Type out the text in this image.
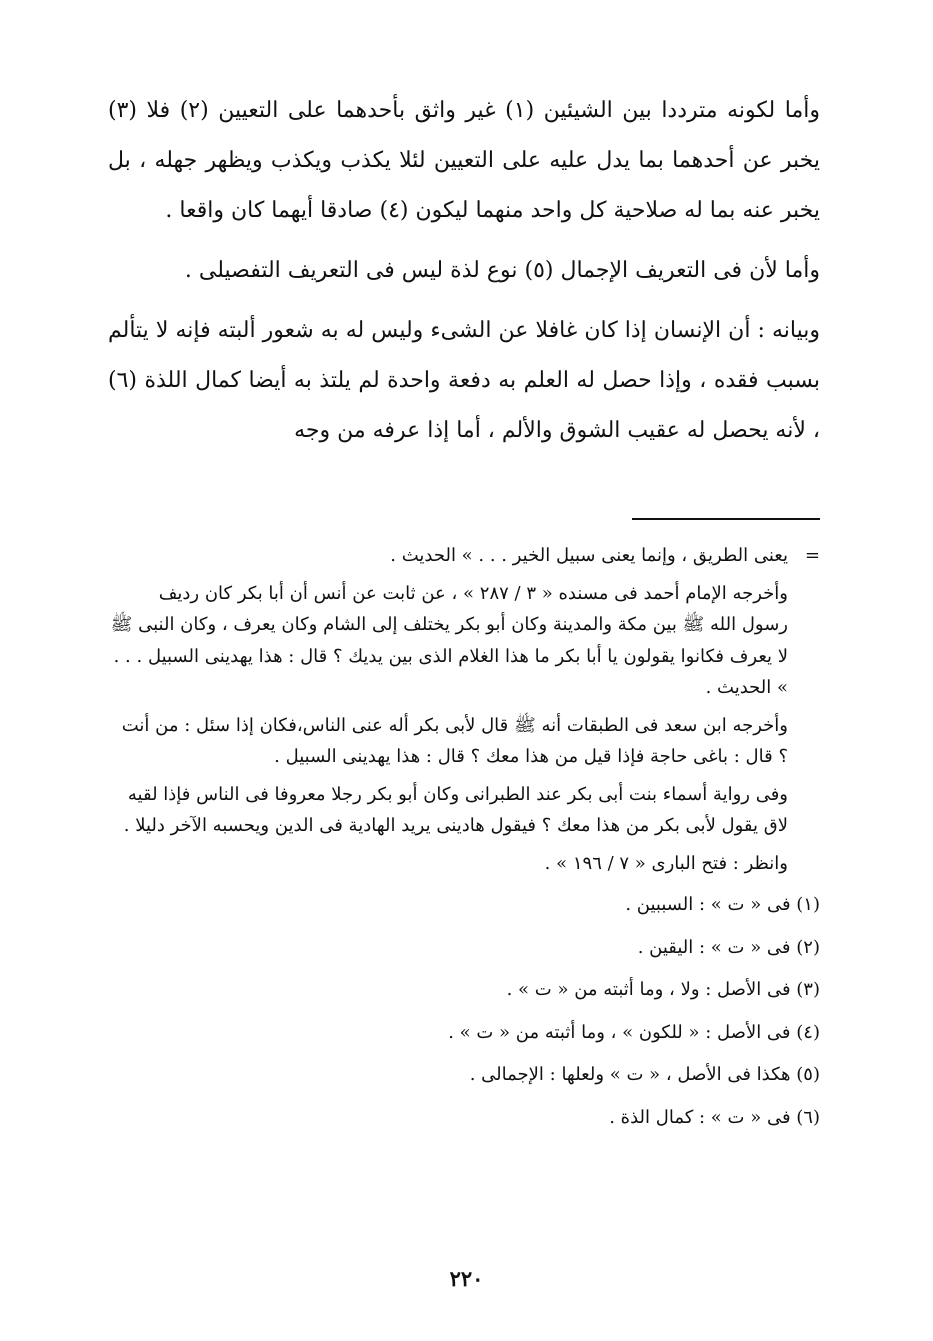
وأما لكونه مترددا بين الشيئين (١) غير واثق بأحدهما على التعيين (٢) فلا (٣) يخبر عن أحدهما بما يدل عليه على التعيين لئلا يكذب ويكذب ويظهر جهله ، بل يخبر عنه بما له صلاحية كل واحد منهما ليكون (٤) صادقا أيهما كان واقعا .

وأما لأن فى التعريف الإجمال (٥) نوع لذة ليس فى التعريف التفصيلى .

وبيانه : أن الإنسان إذا كان غافلا عن الشىء وليس له به شعور ألبته فإنه لا يتألم بسبب فقده ، وإذا حصل له العلم به دفعة واحدة لم يلتذ به أيضا كمال اللذة (٦) ، لأنه يحصل له عقيب الشوق والألم ، أما إذا عرفه من وجه

=
يعنى الطريق ، وإنما يعنى سبيل الخير . . . » الحديث .

وأخرجه الإمام أحمد فى مسنده « ٣ / ٢٨٧ » ، عن ثابت عن أنس أن أبا بكر كان رديف رسول الله ﷺ بين مكة والمدينة وكان أبو بكر يختلف إلى الشام وكان يعرف ، وكان النبى ﷺ لا يعرف فكانوا يقولون يا أبا بكر ما هذا الغلام الذى بين يديك ؟ قال : هذا يهدينى السبيل . . . » الحديث .

وأخرجه ابن سعد فى الطبقات أنه ﷺ قال لأبى بكر أله عنى الناس،فكان إذا سئل : من أنت ؟ قال : باغى حاجة فإذا قيل من هذا معك ؟ قال : هذا يهدينى السبيل .

وفى رواية أسماء بنت أبى بكر عند الطبرانى وكان أبو بكر رجلا معروفا فى الناس فإذا لقيه لاق يقول لأبى بكر من هذا معك ؟ فيقول هادينى يريد الهادية فى الدين ويحسبه الآخر دليلا .

وانظر : فتح البارى « ٧ / ١٩٦ » .

(١) فى « ت » : السببين .

(٢) فى « ت » : اليقين .

(٣) فى الأصل : ولا ، وما أثبته من « ت » .

(٤) فى الأصل : « للكون » ، وما أثبته من « ت » .

(٥) هكذا فى الأصل ، « ت » ولعلها : الإجمالى .

(٦) فى « ت » : كمال الذة .

٢٢٠
